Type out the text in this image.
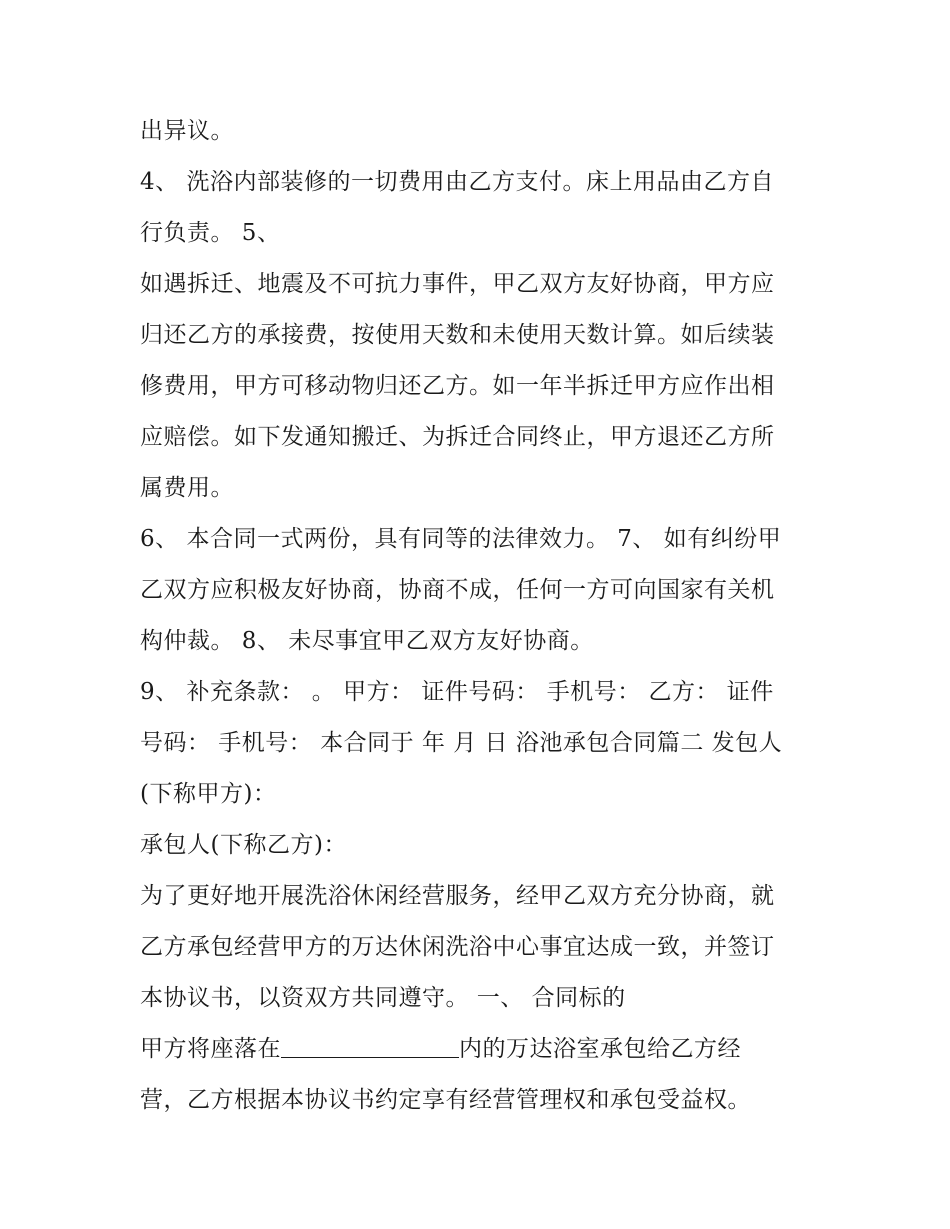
出异议。
4、 洗浴内部装修的一切费用由乙方支付。床上用品由乙方自
行负责。 5、
如遇拆迁、地震及不可抗力事件，甲乙双方友好协商，甲方应
归还乙方的承接费，按使用天数和未使用天数计算。如后续装
修费用，甲方可移动物归还乙方。如一年半拆迁甲方应作出相
应赔偿。如下发通知搬迁、为拆迁合同终止，甲方退还乙方所
属费用。
6、 本合同一式两份，具有同等的法律效力。 7、 如有纠纷甲
乙双方应积极友好协商，协商不成，任何一方可向国家有关机
构仲裁。 8、 未尽事宜甲乙双方友好协商。
9、 补充条款： 。 甲方： 证件号码： 手机号： 乙方： 证件
号码： 手机号： 本合同于 年 月 日 浴池承包合同篇二 发包人
(下称甲方)：
承包人(下称乙方)：
为了更好地开展洗浴休闲经营服务，经甲乙双方充分协商，就
乙方承包经营甲方的万达休闲洗浴中心事宜达成一致，并签订
本协议书，以资双方共同遵守。 一、 合同标的
甲方将座落在	内的万达浴室承包给乙方经
营，乙方根据本协议书约定享有经营管理权和承包受益权。
